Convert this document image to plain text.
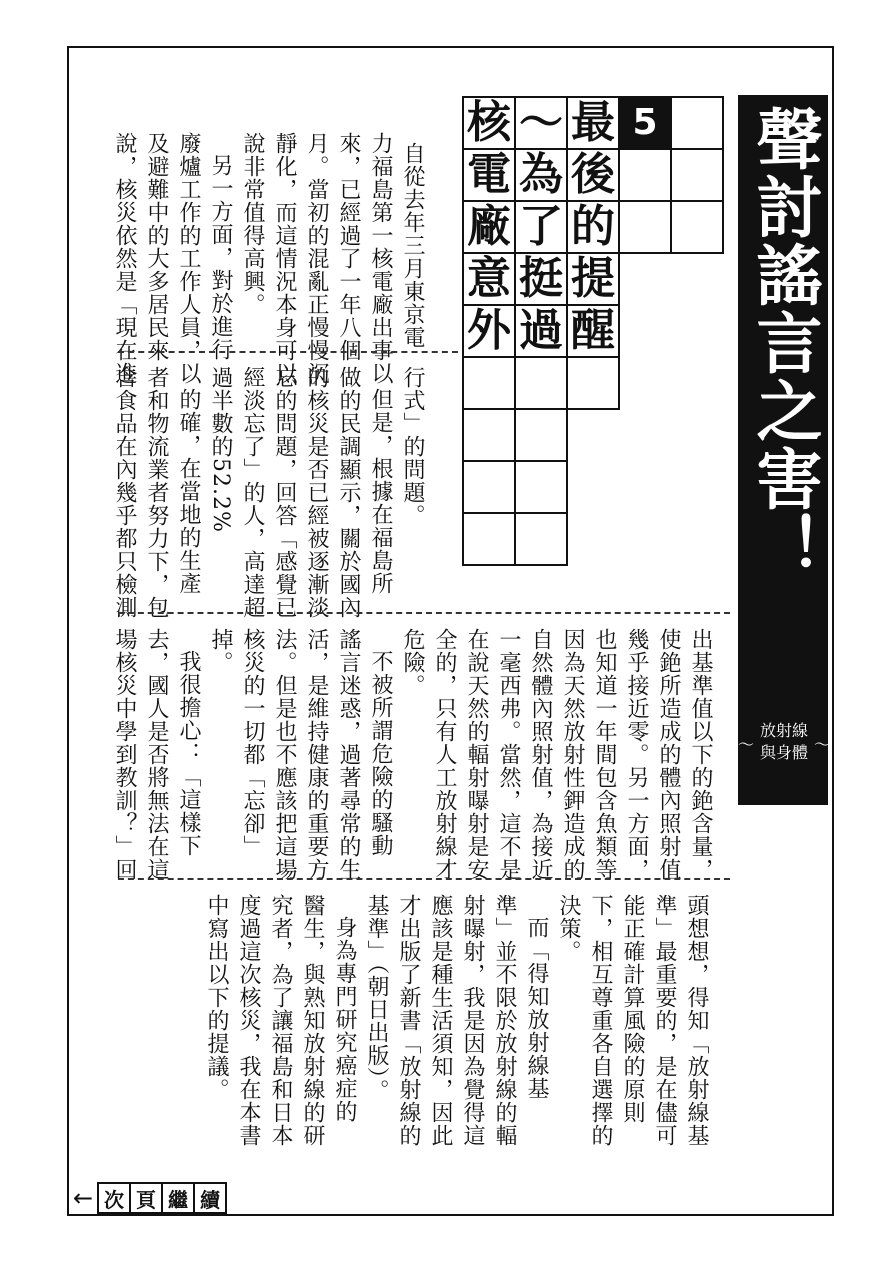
聲討謠言之害！
放射線
與身體
～	～
5
最
後
的
提
醒
～
為
了
挺
過
核
電
廠
意
外

自從去年三月東京電

力福島第一核電廠出事以

來，已經過了一年八個

月。當初的混亂正慢慢沉

靜化，而這情況本身可以

說非常值得高興。

另一方面，對於進行

廢爐工作的工作人員，以

及避難中的大多居民來

說，核災依然是「現在進

行式」的問題。

但是，根據在福島所

做的民調顯示，關於國內

的核災是否已經被逐漸淡

忘的問題，回答「感覺已

經淡忘了」的人，高達超

過半數的52.2%

的確，在當地的生產

者和物流業者努力下，包

含食品在內幾乎都只檢測

出基準值以下的銫含量，

使銫所造成的體內照射值

幾乎接近零。另一方面，

也知道一年間包含魚類等

因為天然放射性鉀造成的

自然體內照射值，為接近

一毫西弗。當然，這不是

在說天然的輻射曝射是安

全的，只有人工放射線才

危險。

不被所謂危險的騷動

謠言迷惑，過著尋常的生

活，是維持健康的重要方

法。但是也不應該把這場

核災的一切都「忘卻」

掉。

我很擔心：「這樣下

去，國人是否將無法在這

場核災中學到教訓？」回

頭想想，得知「放射線基

準」最重要的，是在儘可

能正確計算風險的原則

下，相互尊重各自選擇的

決策。

而「得知放射線基

準」並不限於放射線的輻

射曝射，我是因為覺得這

應該是種生活須知，因此

才出版了新書「放射線的

基準」（朝日出版）。

身為專門研究癌症的

醫生，與熟知放射線的研

究者，為了讓福島和日本

度過這次核災，我在本書

中寫出以下的提議。

← 次 頁 繼 續
